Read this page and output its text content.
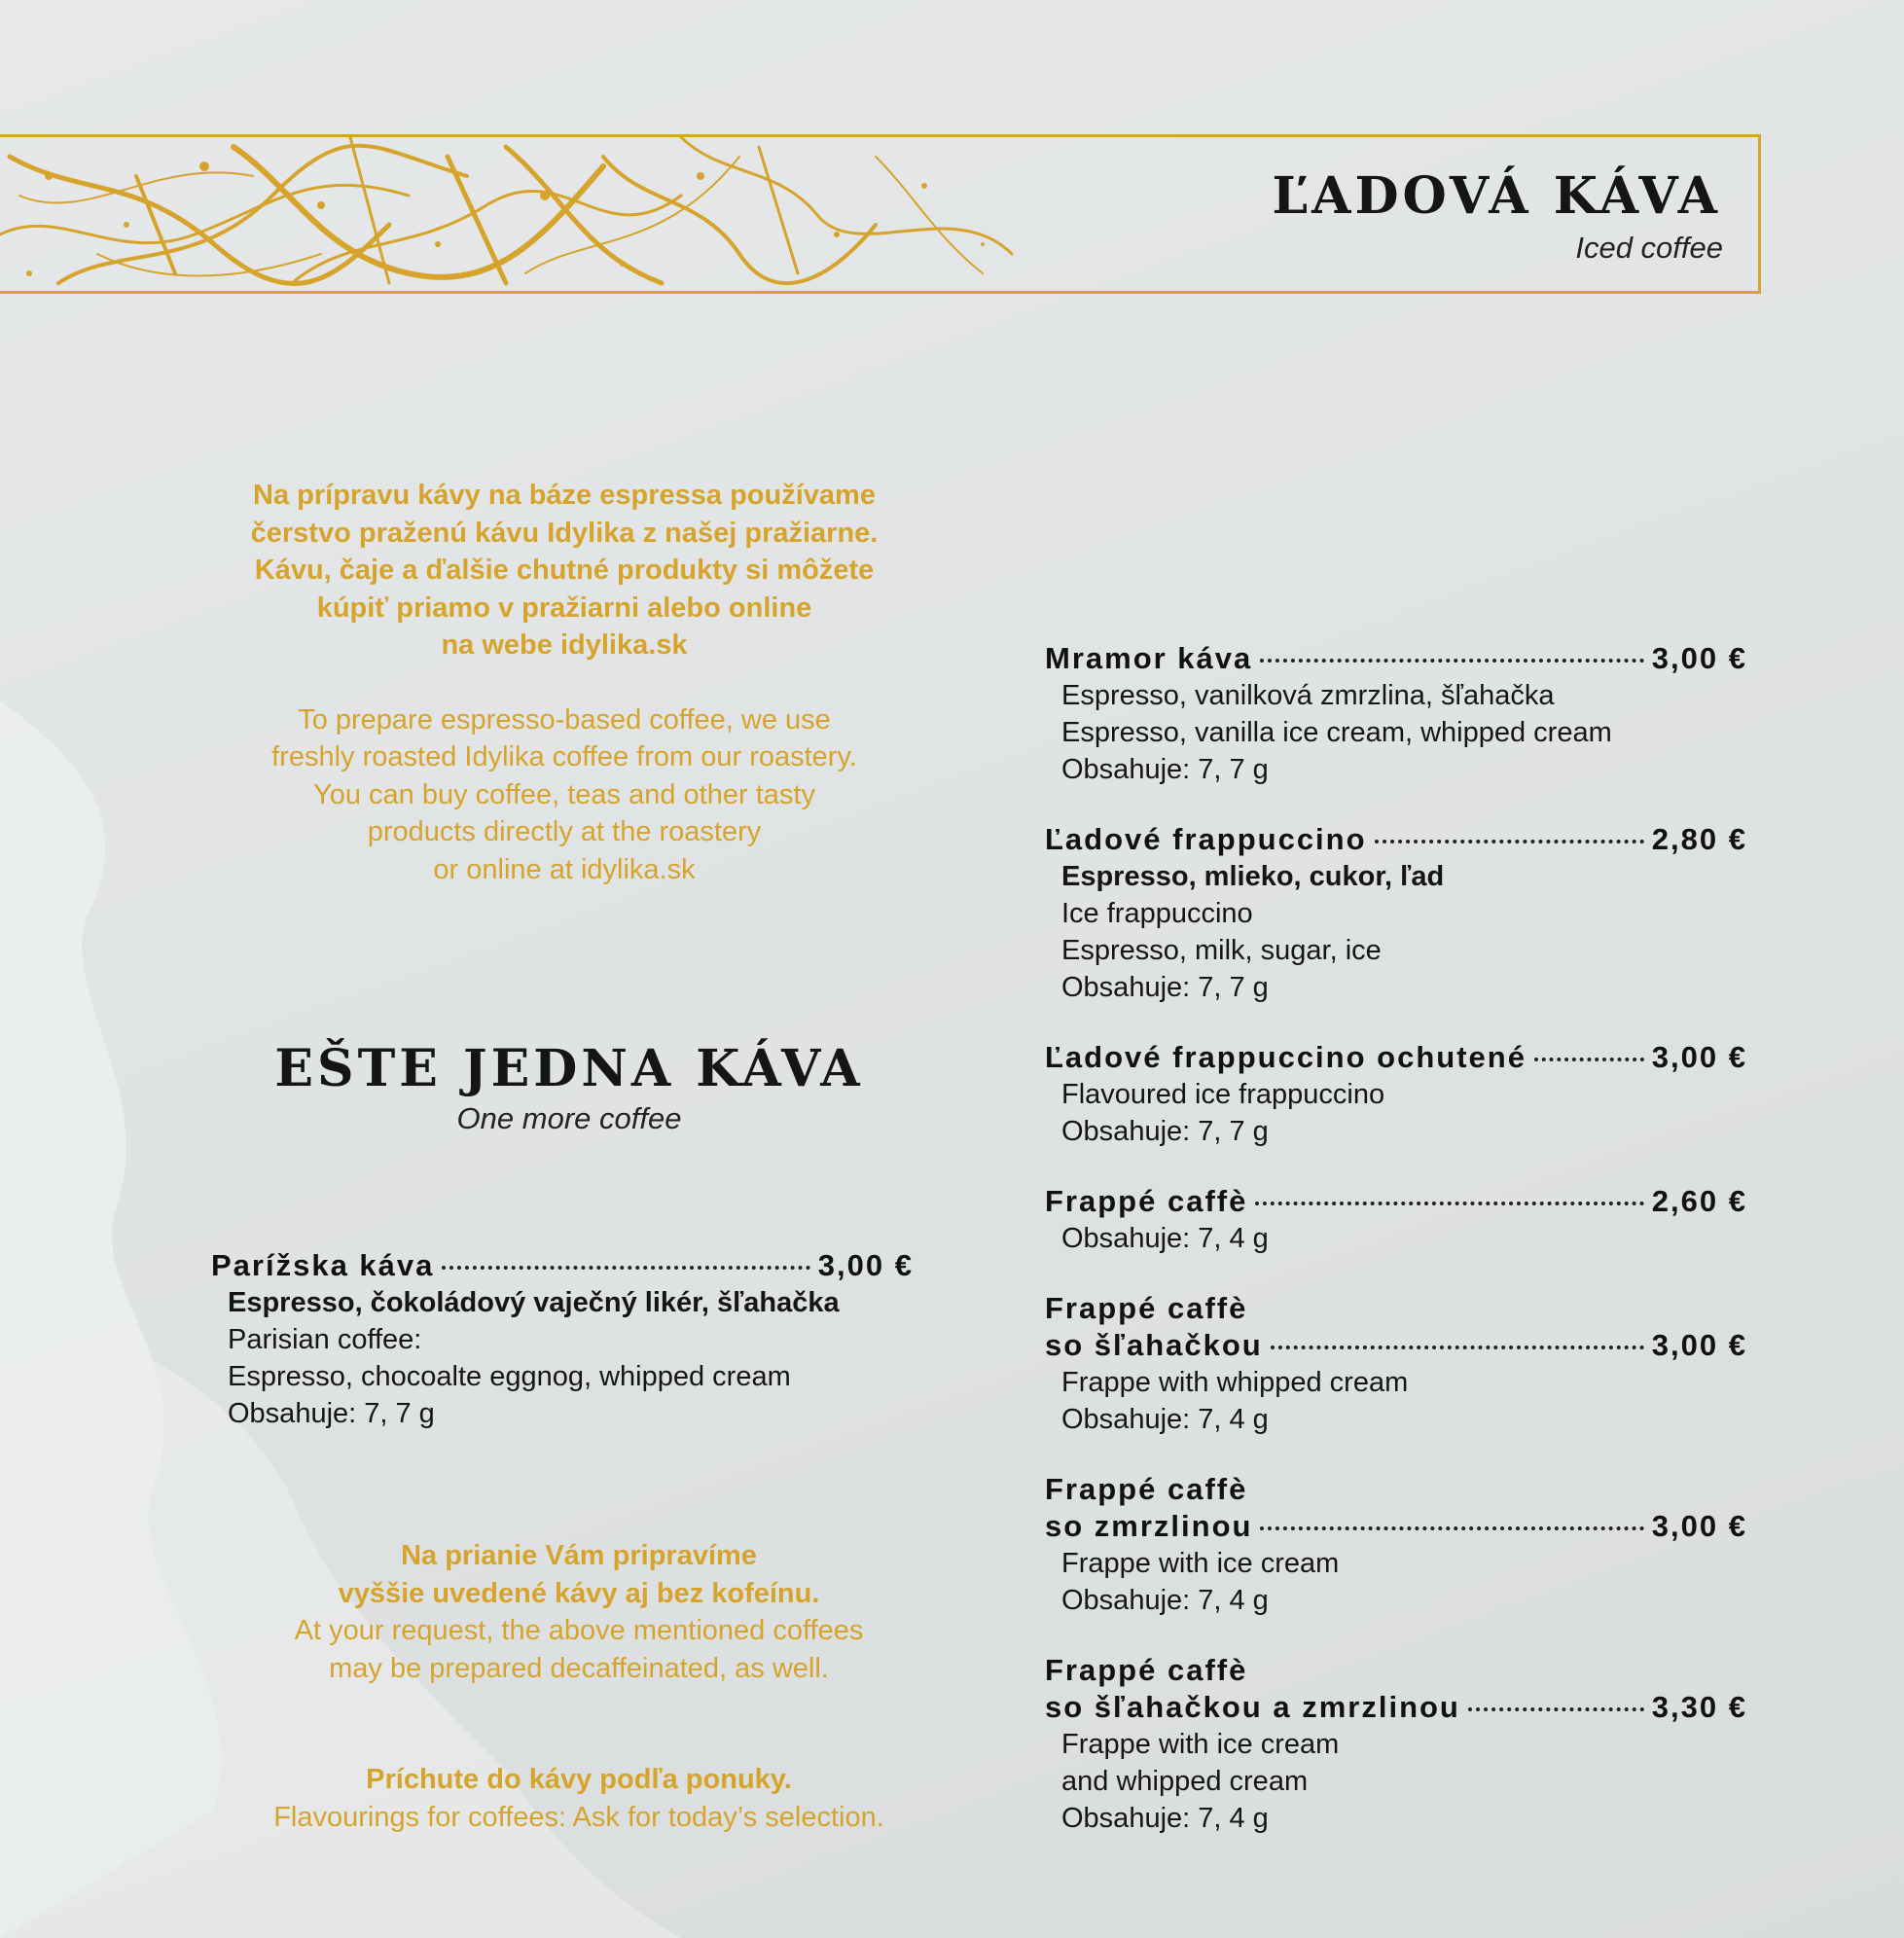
ĽADOVÁ KÁVA
Iced coffee
Na prípravu kávy na báze espressa používame
čerstvo praženú kávu Idylika z našej pražiarne.
Kávu, čaje a ďalšie chutné produkty si môžete
kúpiť priamo v pražiarni alebo online
na webe idylika.sk
To prepare espresso-based coffee, we use
freshly roasted Idylika coffee from our roastery.
You can buy coffee, teas and other tasty
products directly at the roastery
or online at idylika.sk
EŠTE JEDNA KÁVA
One more coffee
Parížska káva	3,00 €
Espresso, čokoládový vaječný likér, šľahačka
Parisian coffee:
Espresso, chocoalte eggnog, whipped cream
Obsahuje: 7, 7 g
Na prianie Vám pripravíme
vyššie uvedené kávy aj bez kofeínu.
At your request, the above mentioned coffees
may be prepared decaffeinated, as well.
Príchute do kávy podľa ponuky.
Flavourings for coffees: Ask for today’s selection.
Mramor káva	3,00 €
Espresso, vanilková zmrzlina, šľahačka
Espresso, vanilla ice cream, whipped cream
Obsahuje: 7, 7 g
Ľadové frappuccino	2,80 €
Espresso, mlieko, cukor, ľad
Ice frappuccino
Espresso, milk, sugar, ice
Obsahuje: 7, 7 g
Ľadové frappuccino ochutené	3,00 €
Flavoured ice frappuccino
Obsahuje: 7, 7 g
Frappé caffè	2,60 €
Obsahuje: 7, 4 g
Frappé caffè
so šľahačkou	3,00 €
Frappe with whipped cream
Obsahuje: 7, 4 g
Frappé caffè
so zmrzlinou	3,00 €
Frappe with ice cream
Obsahuje: 7, 4 g
Frappé caffè
so šľahačkou a zmrzlinou	3,30 €
Frappe with ice cream
and whipped cream
Obsahuje: 7, 4 g
